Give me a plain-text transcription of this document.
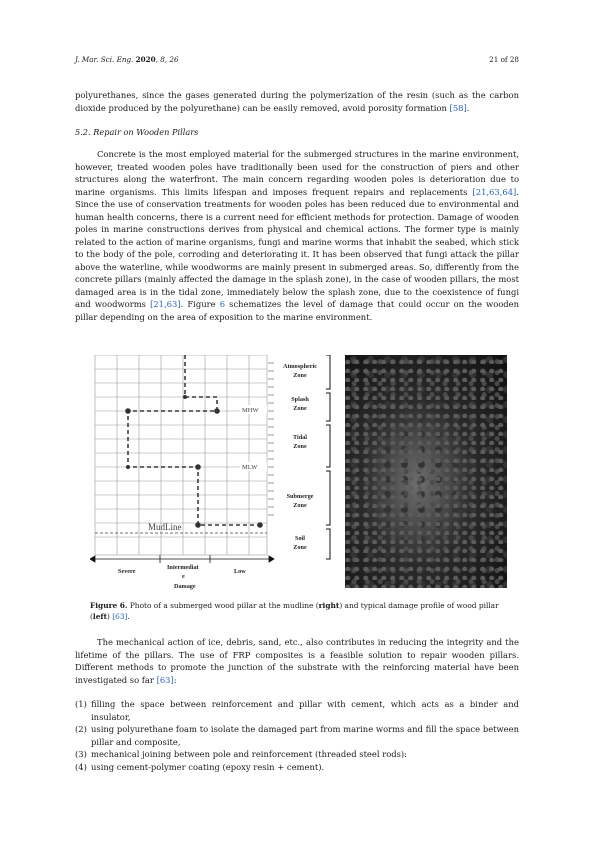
J. Mar. Sci. Eng. 2020, 8, 26	21 of 28

polyurethanes, since the gases generated during the polymerization of the resin (such as the carbon dioxide produced by the polyurethane) can be easily removed, avoid porosity formation [58].

5.2. Repair on Wooden Pillars

Concrete is the most employed material for the submerged structures in the marine environment, however, treated wooden poles have traditionally been used for the construction of piers and other structures along the waterfront. The main concern regarding wooden poles is deterioration due to marine organisms. This limits lifespan and imposes frequent repairs and replacements [21,63,64]. Since the use of conservation treatments for wooden poles has been reduced due to environmental and human health concerns, there is a current need for efficient methods for protection. Damage of wooden poles in marine constructions derives from physical and chemical actions. The former type is mainly related to the action of marine organisms, fungi and marine worms that inhabit the seabed, which stick to the body of the pole, corroding and deteriorating it. It has been observed that fungi attack the pillar above the waterline, while woodworms are mainly present in submerged areas. So, differently from the concrete pillars (mainly affected the damage in the splash zone), in the case of wooden pillars, the most damaged area is in the tidal zone, immediately below the splash zone, due to the coexistence of fungi and woodworms [21,63]. Figure 6 schematizes the level of damage that could occur on the wooden pillar depending on the area of exposition to the marine environment.

MHW
MLW
MudLine
Severe
Intermediat
e
Damage
Low
Atmospheric
Zone
Splash
Zone
Tidal
Zone
Submerge
Zone
Soil
Zone

Figure 6. Photo of a submerged wood pillar at the mudline (right) and typical damage profile of wood pillar (left) [63].

The mechanical action of ice, debris, sand, etc., also contributes in reducing the integrity and the lifetime of the pillars. The use of FRP composites is a feasible solution to repair wooden pillars. Different methods to promote the junction of the substrate with the reinforcing material have been investigated so far [63]:

(1) filling the space between reinforcement and pillar with cement, which acts as a binder and insulator,
(2) using polyurethane foam to isolate the damaged part from marine worms and fill the space between pillar and composite,
(3) mechanical joining between pole and reinforcement (threaded steel rods):
(4) using cement-polymer coating (epoxy resin + cement).
